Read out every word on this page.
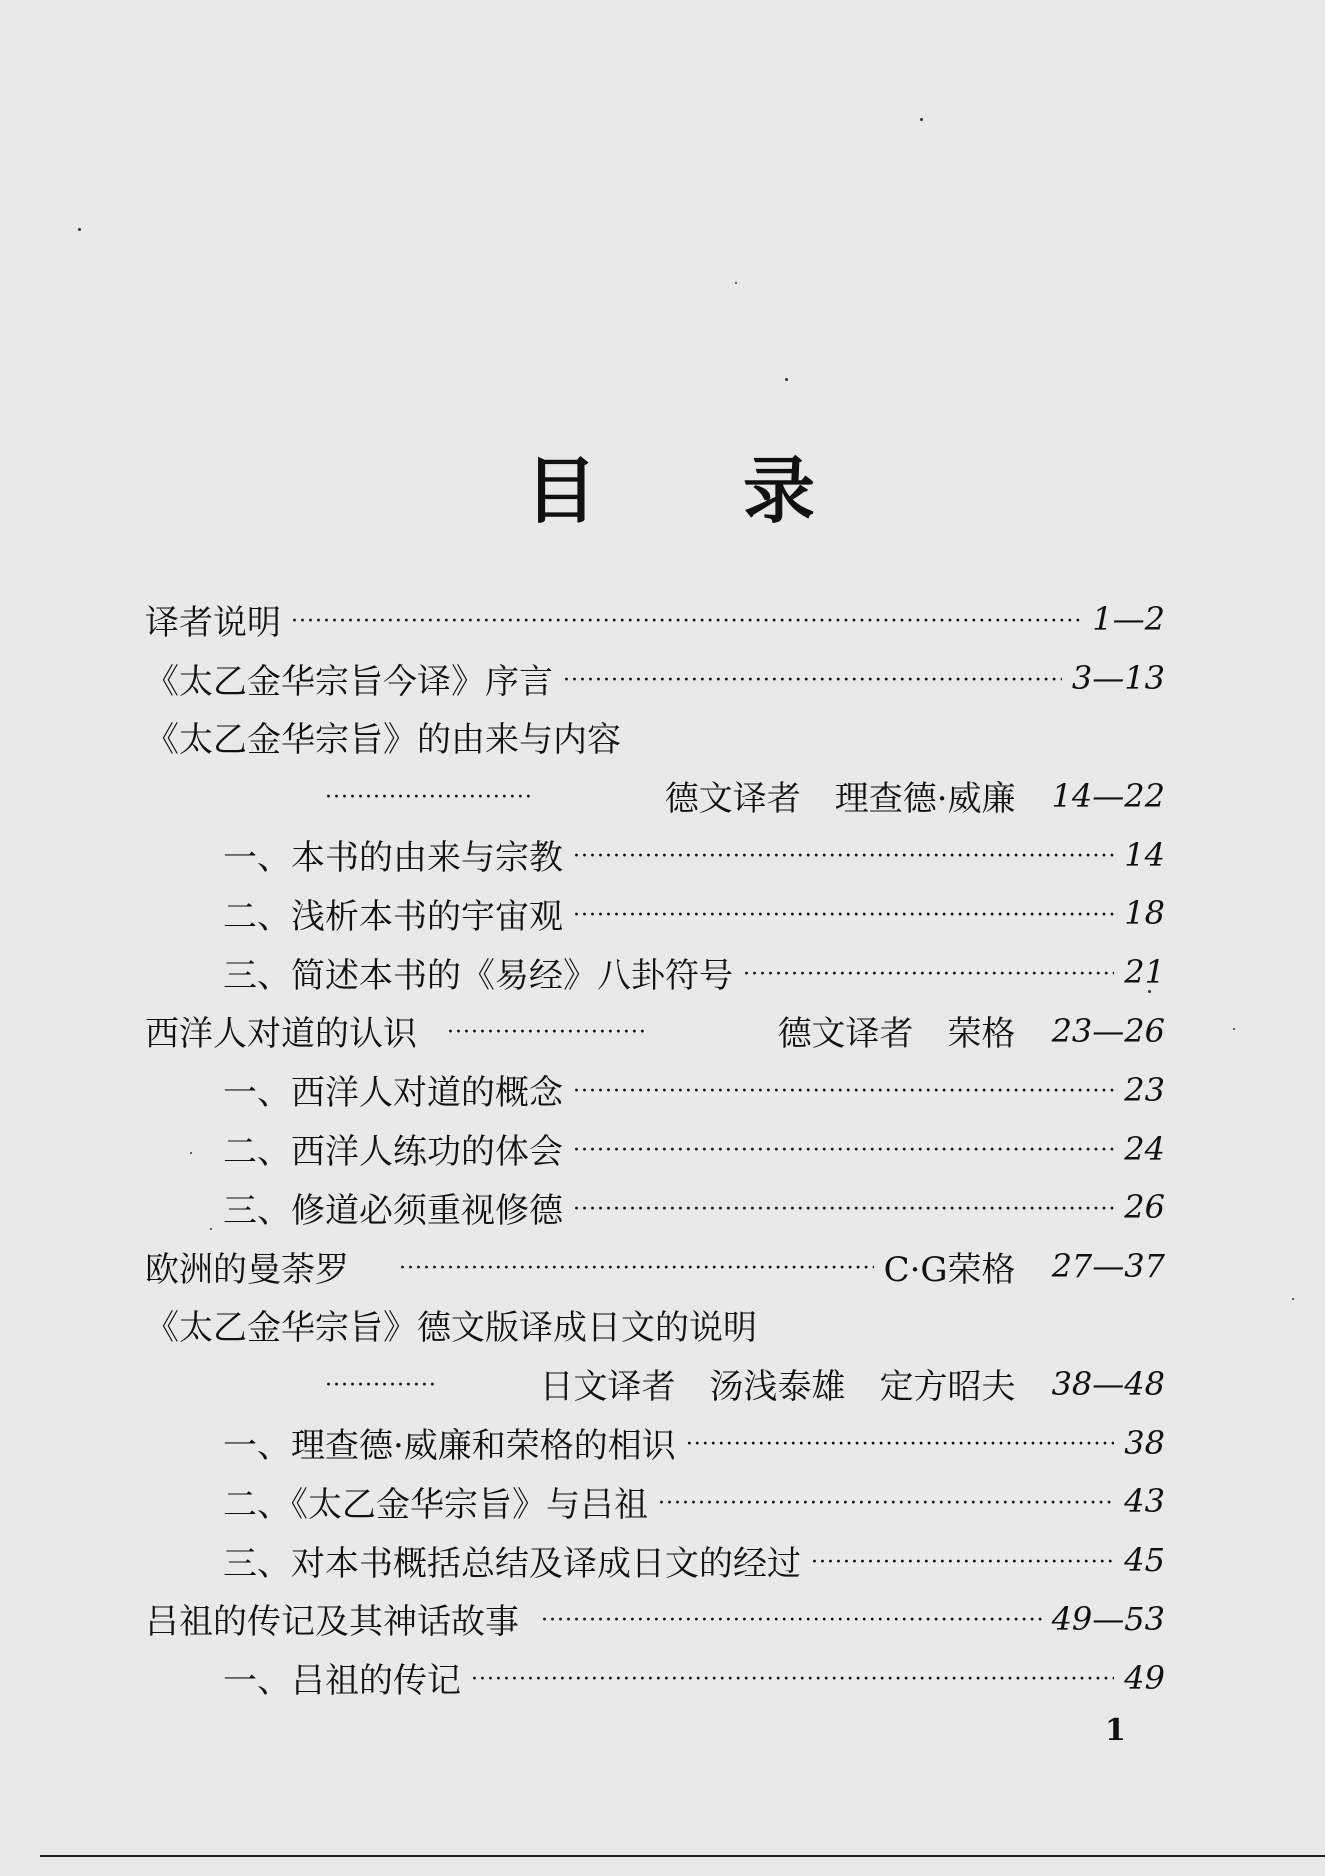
目 录
译者说明 ·····	1—2
《太乙金华宗旨今译》序言 ·····	3—13
《太乙金华宗旨》的由来与内容
·····
德文译者　理查德·威廉 14—22
一、本书的由来与宗教 ·····	14
二、浅析本书的宇宙观 ·····	18
三、简述本书的《易经》八卦符号 ·····	21
西洋人对道的认识 ·····	德文译者　荣格 23—26
一、西洋人对道的概念 ·····	23
二、西洋人练功的体会 ·····	24
三、修道必须重视修德 ·····	26
欧洲的曼荼罗 ·····	C·G荣格 27—37
《太乙金华宗旨》德文版译成日文的说明
·····
日文译者　汤浅泰雄　定方昭夫 38—48
一、理查德·威廉和荣格的相识 ·····	38
二、《太乙金华宗旨》与吕祖 ·····	43
三、对本书概括总结及译成日文的经过 ·····	45
吕祖的传记及其神话故事 ·····	49—53
一、吕祖的传记 ·····	49
1
